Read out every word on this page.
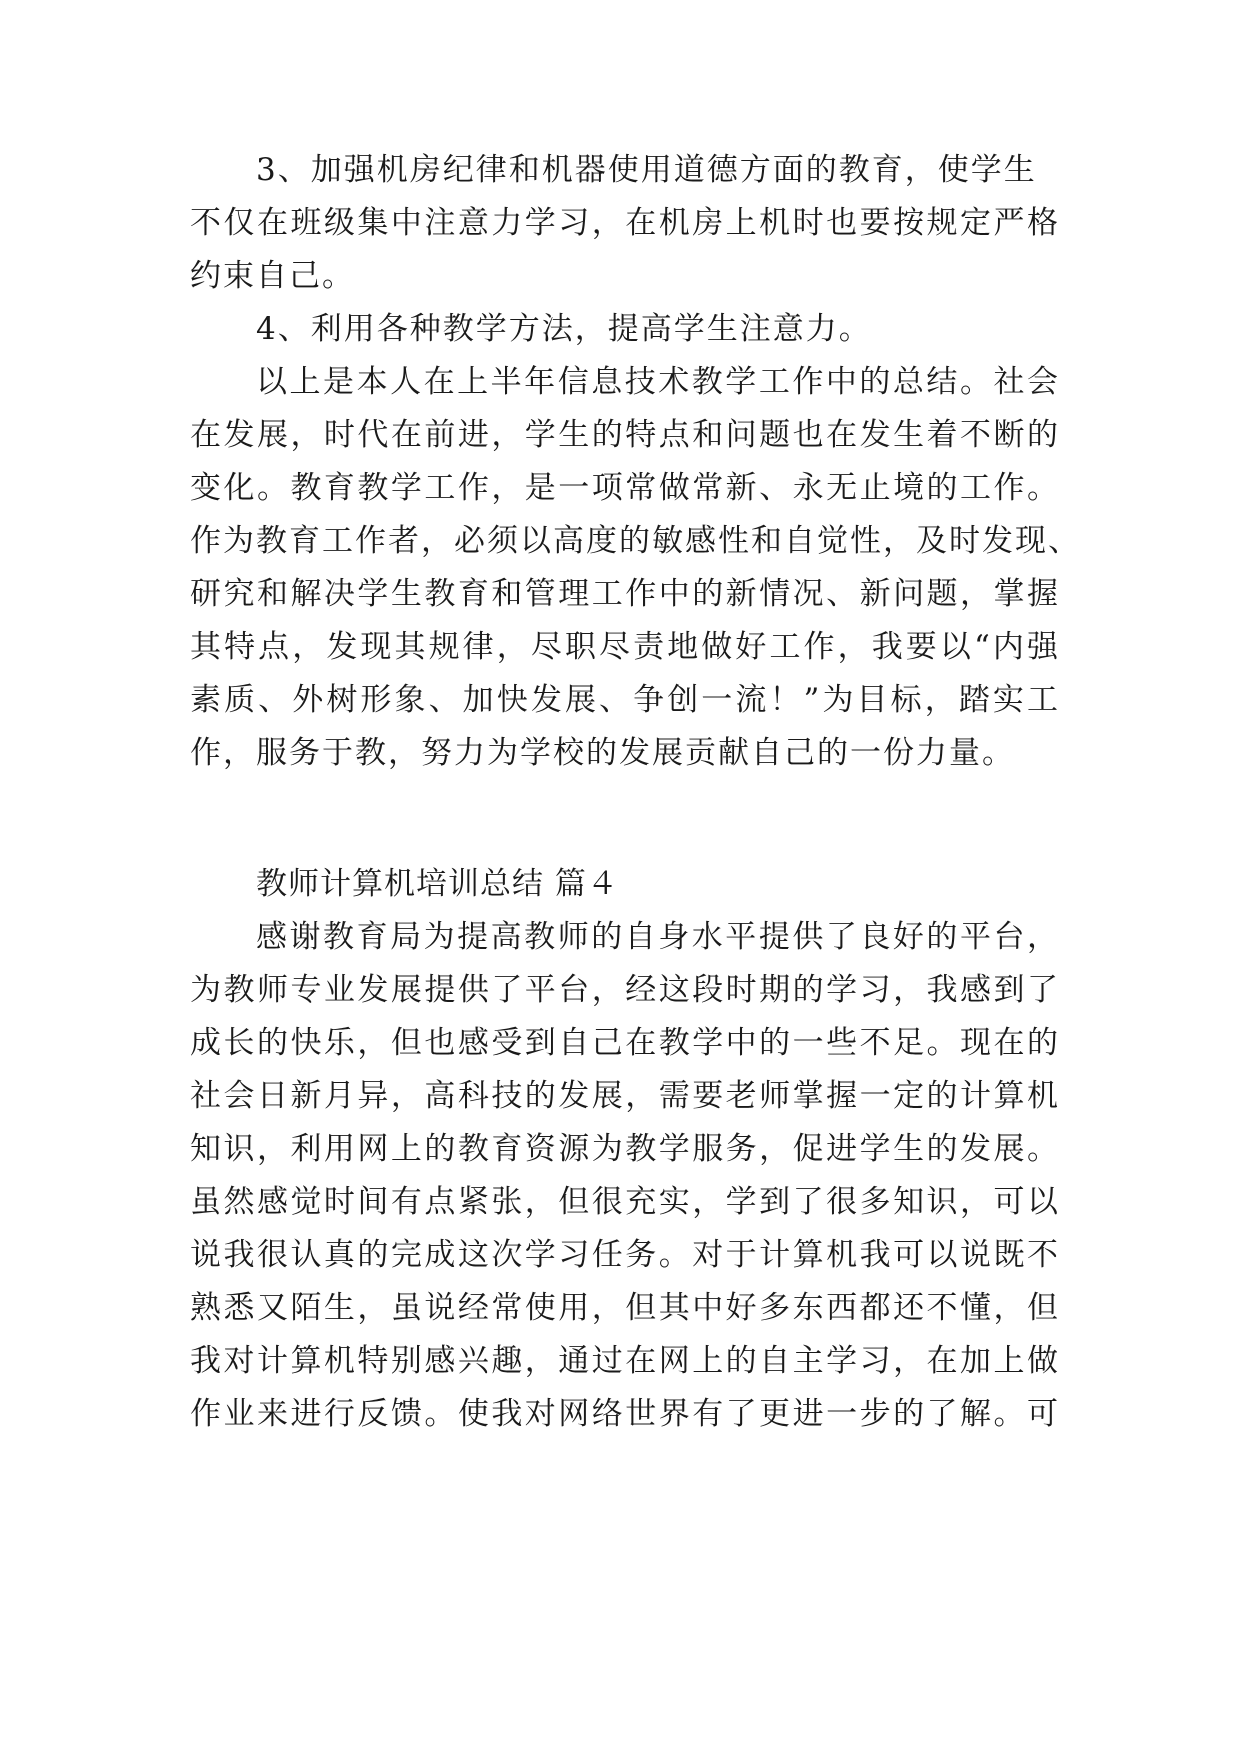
3、加强机房纪律和机器使用道德方面的教育，使学生
不仅在班级集中注意力学习，在机房上机时也要按规定严格
约束自己。
4、利用各种教学方法，提高学生注意力。
以上是本人在上半年信息技术教学工作中的总结。社会
在发展，时代在前进，学生的特点和问题也在发生着不断的
变化。教育教学工作，是一项常做常新、永无止境的工作。
作为教育工作者，必须以高度的敏感性和自觉性，及时发现、
研究和解决学生教育和管理工作中的新情况、新问题，掌握
其特点，发现其规律，尽职尽责地做好工作，我要以“内强
素质、外树形象、加快发展、争创一流！”为目标，踏实工
作，服务于教，努力为学校的发展贡献自己的一份力量。
教师计算机培训总结 篇４
感谢教育局为提高教师的自身水平提供了良好的平台，
为教师专业发展提供了平台，经这段时期的学习，我感到了
成长的快乐，但也感受到自己在教学中的一些不足。现在的
社会日新月异，高科技的发展，需要老师掌握一定的计算机
知识，利用网上的教育资源为教学服务，促进学生的发展。
虽然感觉时间有点紧张，但很充实，学到了很多知识，可以
说我很认真的完成这次学习任务。对于计算机我可以说既不
熟悉又陌生，虽说经常使用，但其中好多东西都还不懂，但
我对计算机特别感兴趣，通过在网上的自主学习，在加上做
作业来进行反馈。使我对网络世界有了更进一步的了解。可
